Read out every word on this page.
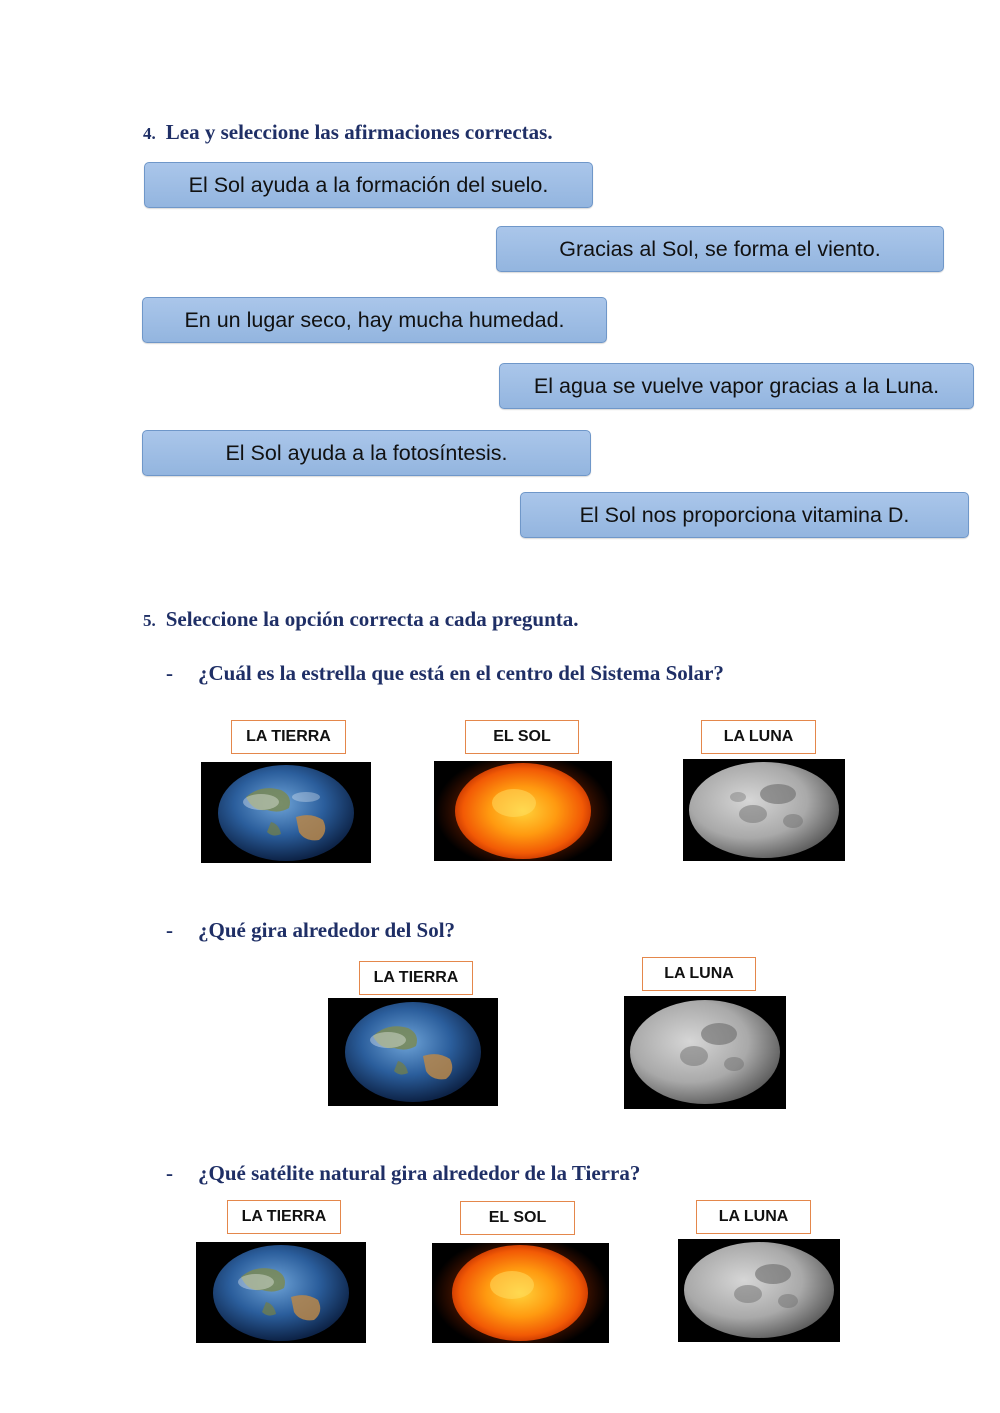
4. Lea y seleccione las afirmaciones correctas.
El Sol ayuda a la formación del suelo.
Gracias al Sol, se forma el viento.
En un lugar seco, hay mucha humedad.
El agua se vuelve vapor gracias a la Luna.
El Sol ayuda a la fotosíntesis.
El Sol nos proporciona vitamina D.
5. Seleccione la opción correcta a cada pregunta.
- ¿Cuál es la estrella que está en el centro del Sistema Solar?
LA TIERRA	EL SOL	LA LUNA
- ¿Qué gira alrededor del Sol?
LA TIERRA	LA LUNA
- ¿Qué satélite natural gira alrededor de la Tierra?
LA TIERRA	EL SOL	LA LUNA
